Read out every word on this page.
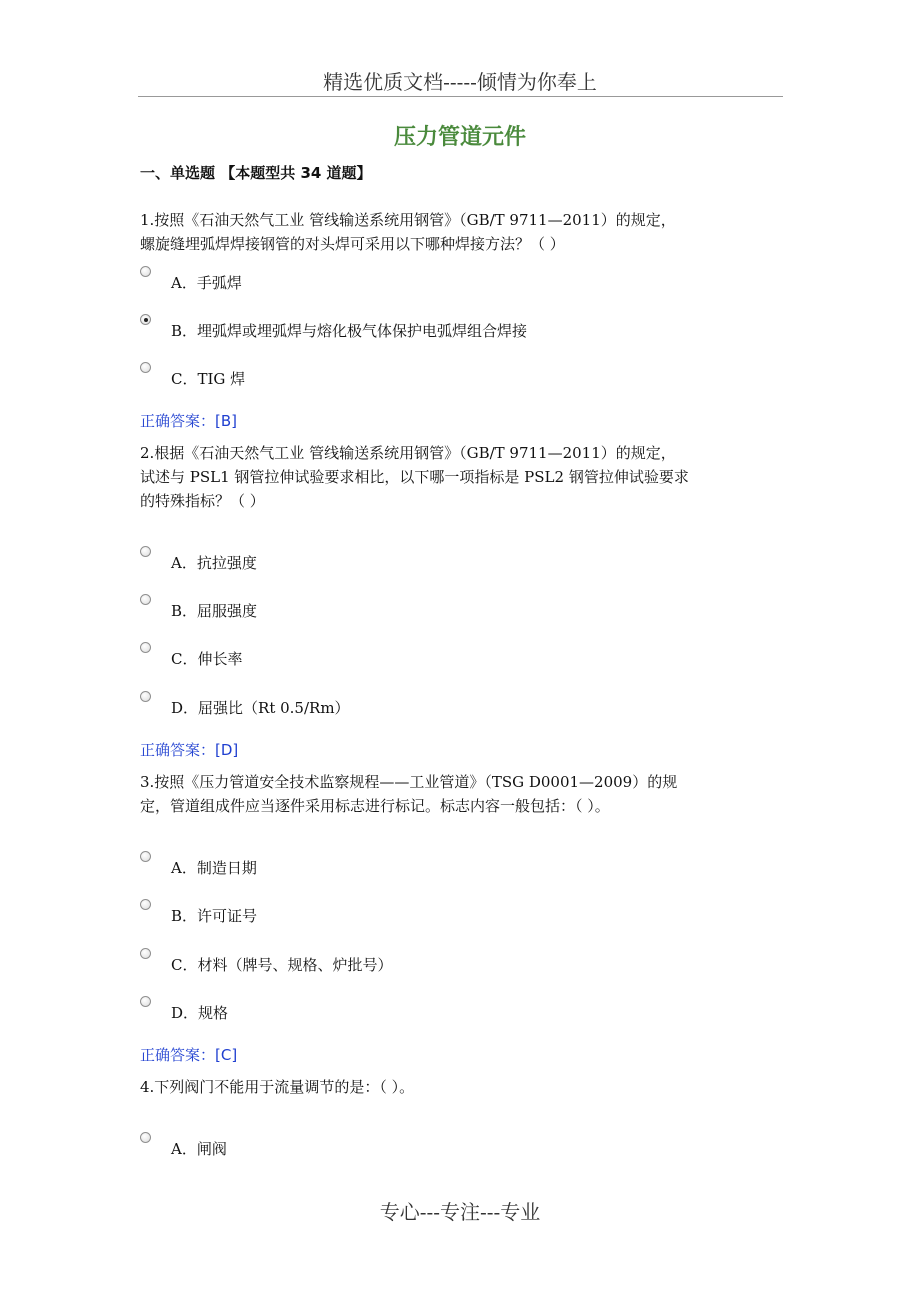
精选优质文档-----倾情为你奉上
压力管道元件
一、单选题 【本题型共 34 道题】
1.按照《石油天然气工业 管线输送系统用钢管》（GB/T 9711—2011）的规定，
螺旋缝埋弧焊焊接钢管的对头焊可采用以下哪种焊接方法？（ ）
A．手弧焊
B．埋弧焊或埋弧焊与熔化极气体保护电弧焊组合焊接
C．TIG 焊
正确答案：[B]
2.根据《石油天然气工业 管线输送系统用钢管》（GB/T 9711—2011）的规定，
试述与 PSL1 钢管拉伸试验要求相比，以下哪一项指标是 PSL2 钢管拉伸试验要求
的特殊指标？（ ）
A．抗拉强度
B．屈服强度
C．伸长率
D．屈强比（Rt 0.5/Rm）
正确答案：[D]
3.按照《压力管道安全技术监察规程——工业管道》（TSG D0001—2009）的规
定，管道组成件应当逐件采用标志进行标记。标志内容一般包括：（ ）。
A．制造日期
B．许可证号
C．材料（牌号、规格、炉批号）
D．规格
正确答案：[C]
4.下列阀门不能用于流量调节的是：（ ）。
A．闸阀
专心---专注---专业
